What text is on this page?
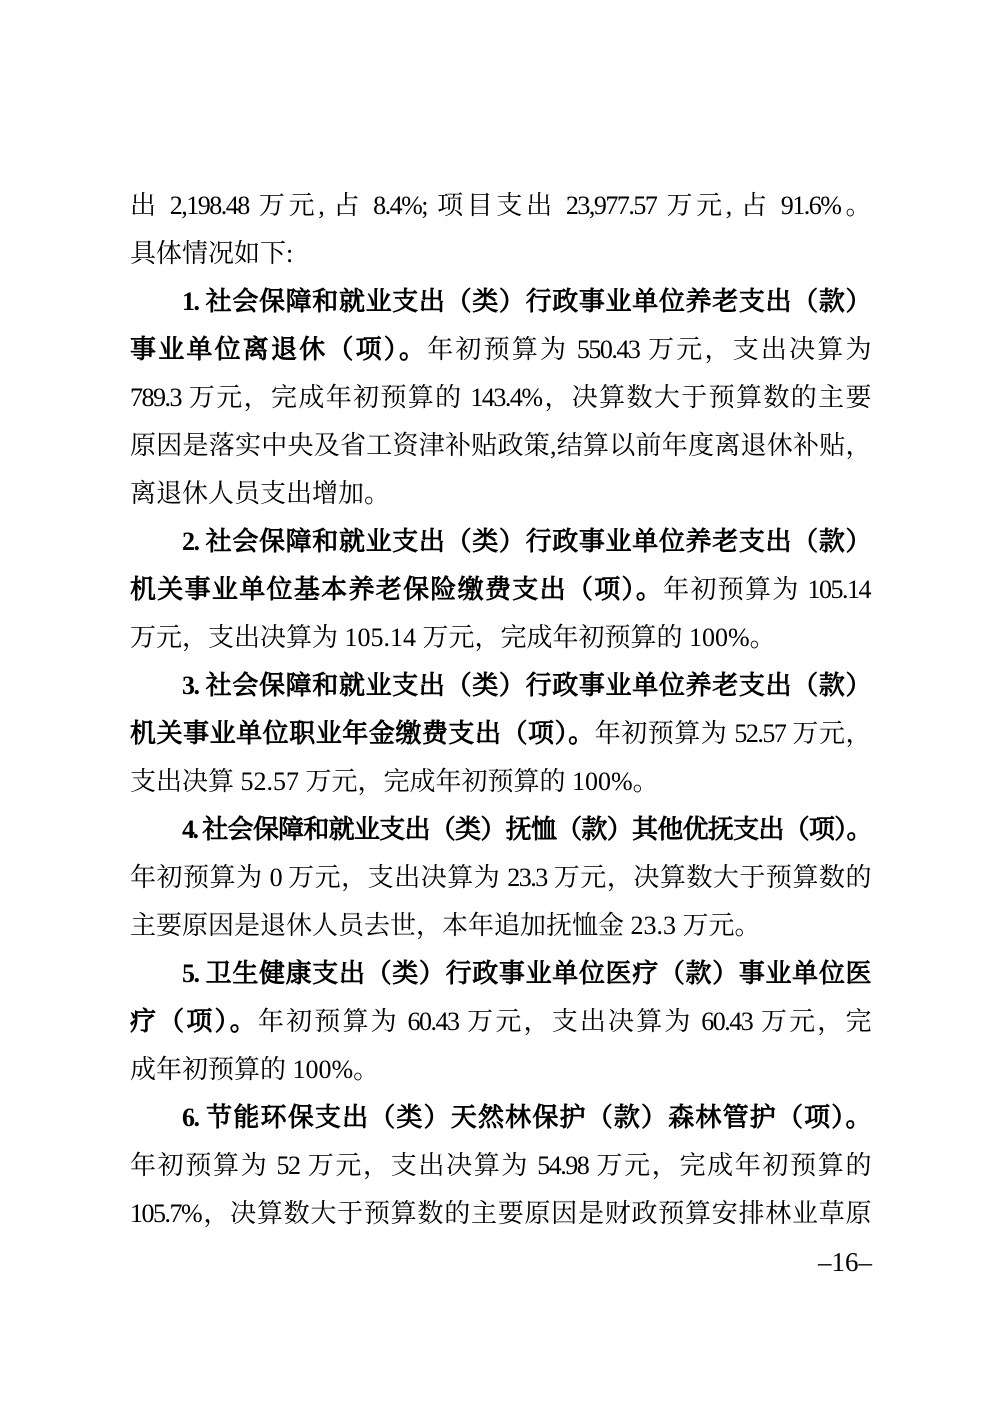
出 2,198.48 万元, 占 8.4%; 项目支出 23,977.57 万元, 占 91.6%。
具体情况如下:
1. 社会保障和就业支出（类）行政事业单位养老支出（款）
事业单位离退休（项）。年初预算为 550.43 万元，支出决算为
789.3 万元，完成年初预算的 143.4%，决算数大于预算数的主要
原因是落实中央及省工资津补贴政策,结算以前年度离退休补贴，
离退休人员支出增加。
2. 社会保障和就业支出（类）行政事业单位养老支出（款）
机关事业单位基本养老保险缴费支出（项）。年初预算为 105.14
万元，支出决算为 105.14 万元，完成年初预算的 100%。
3. 社会保障和就业支出（类）行政事业单位养老支出（款）
机关事业单位职业年金缴费支出（项）。年初预算为 52.57 万元，
支出决算 52.57 万元，完成年初预算的 100%。
4. 社会保障和就业支出（类）抚恤（款）其他优抚支出（项）。
年初预算为 0 万元，支出决算为 23.3 万元，决算数大于预算数的
主要原因是退休人员去世，本年追加抚恤金 23.3 万元。
5. 卫生健康支出（类）行政事业单位医疗（款）事业单位医
疗（项）。年初预算为 60.43 万元，支出决算为 60.43 万元，完
成年初预算的 100%。
6. 节能环保支出（类）天然林保护（款）森林管护（项）。
年初预算为 52 万元，支出决算为 54.98 万元，完成年初预算的
105.7%，决算数大于预算数的主要原因是财政预算安排林业草原
–16–
